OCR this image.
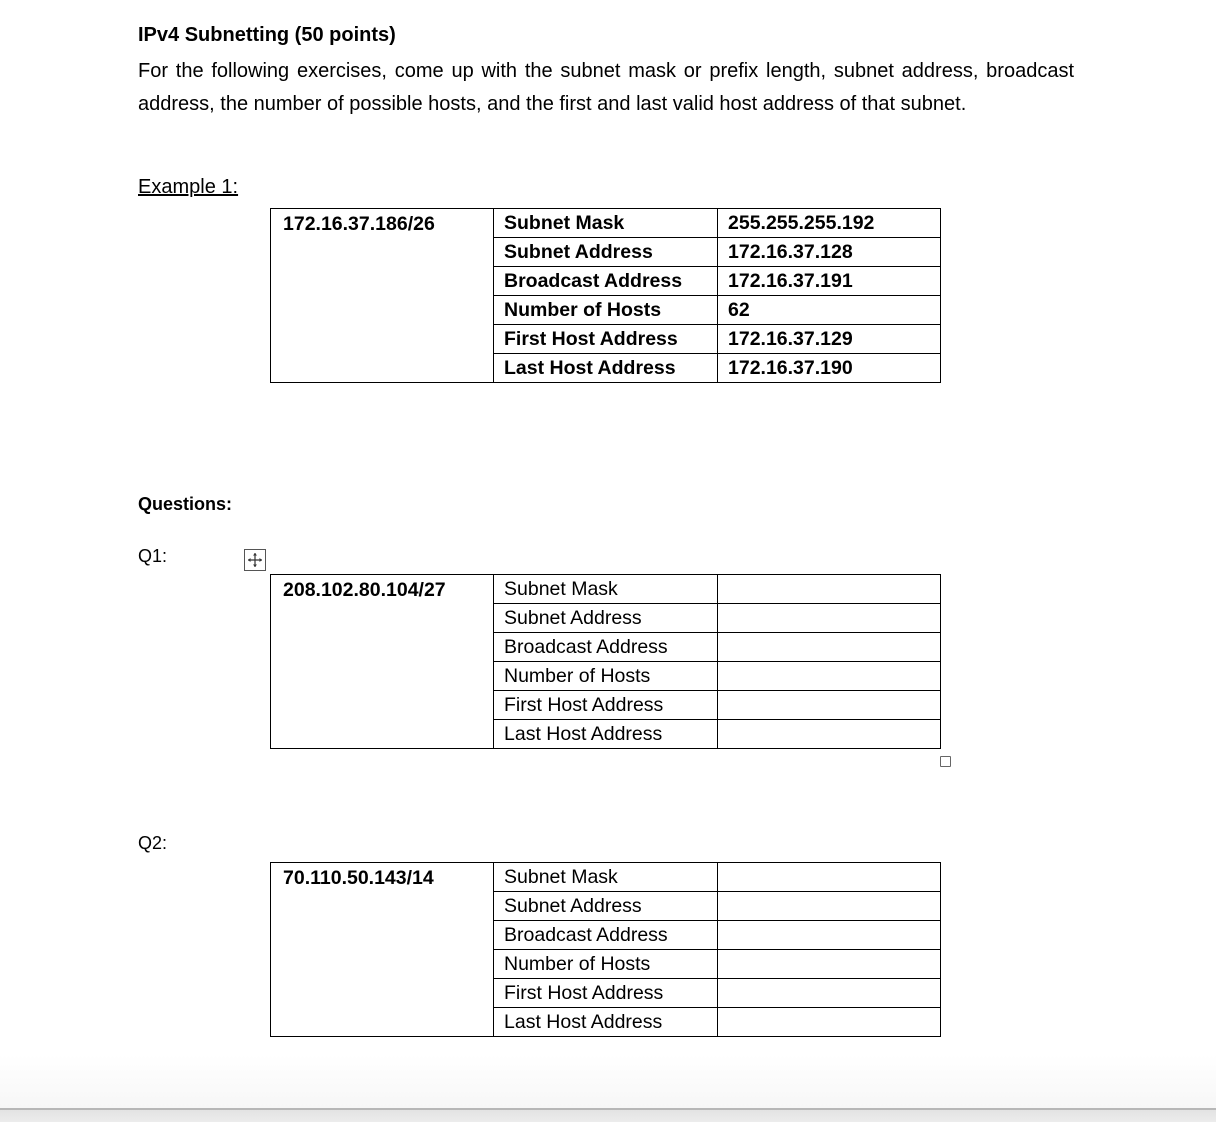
IPv4 Subnetting (50 points)
For the following exercises, come up with the subnet mask or prefix length, subnet address, broadcast address, the number of possible hosts, and the first and last valid host address of that subnet.
Example 1:
172.16.37.186/26	Subnet Mask	255.255.255.192
	Subnet Address	172.16.37.128
	Broadcast Address	172.16.37.191
	Number of Hosts	62
	First Host Address	172.16.37.129
	Last Host Address	172.16.37.190
Questions:
Q1:
208.102.80.104/27	Subnet Mask	
	Subnet Address	
	Broadcast Address	
	Number of Hosts	
	First Host Address	
	Last Host Address	
Q2:
70.110.50.143/14	Subnet Mask	
	Subnet Address	
	Broadcast Address	
	Number of Hosts	
	First Host Address	
	Last Host Address	
